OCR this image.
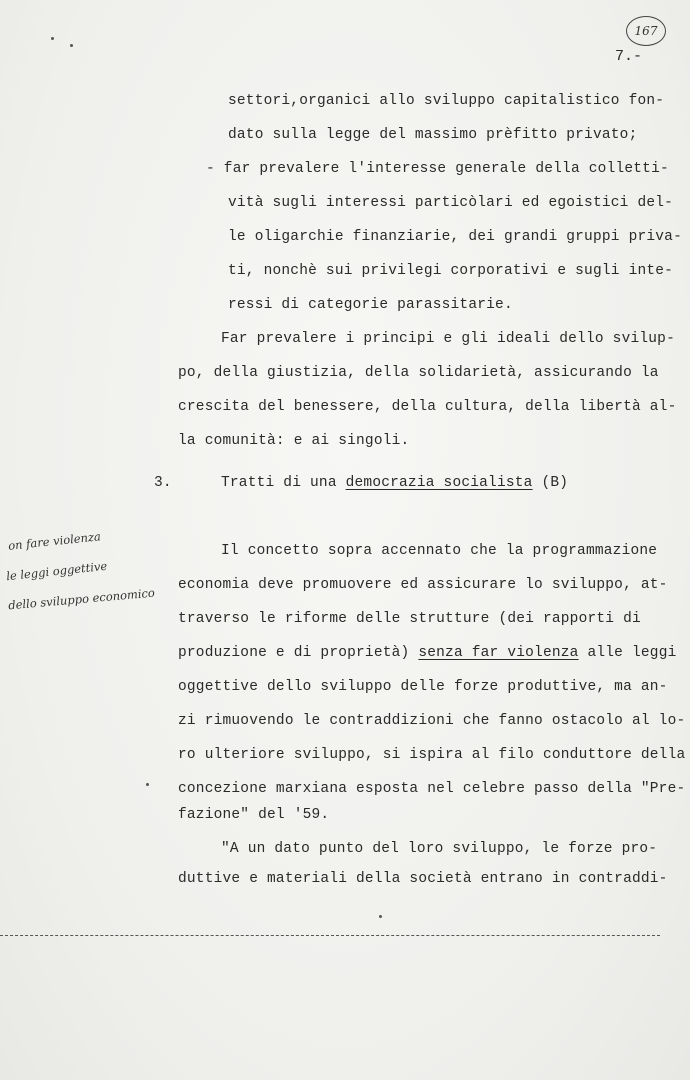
167
7.-
settori,organici allo sviluppo capitalistico fon-
dato sulla legge del massimo prèfitto privato;
- far prevalere l'interesse generale della colletti-
vità sugli interessi particòlari ed egoistici del-
le oligarchie finanziarie, dei grandi gruppi priva-
ti, nonchè sui privilegi corporativi e sugli inte-
ressi di categorie parassitarie.
Far prevalere i principi e gli ideali dello svilup-
po, della giustizia, della solidarietà, assicurando la
crescita del benessere, della cultura, della libertà al-
la comunità: e ai singoli.
3.	Tratti di una democrazia socialista (B)
Il concetto sopra accennato che la programmazione
economia deve promuovere ed assicurare lo sviluppo, at-
traverso le riforme delle strutture (dei rapporti di
produzione e di proprietà) senza far violenza alle leggi
oggettive dello sviluppo delle forze produttive, ma an-
zi rimuovendo le contraddizioni che fanno ostacolo al lo-
ro ulteriore sviluppo, si ispira al filo conduttore della
concezione marxiana esposta nel celebre passo della "Pre-
fazione" del '59.
"A un dato punto del loro sviluppo, le forze pro-
duttive e materiali della società entrano in contraddi-
on fare violenza
le leggi oggettive
dello sviluppo economico
